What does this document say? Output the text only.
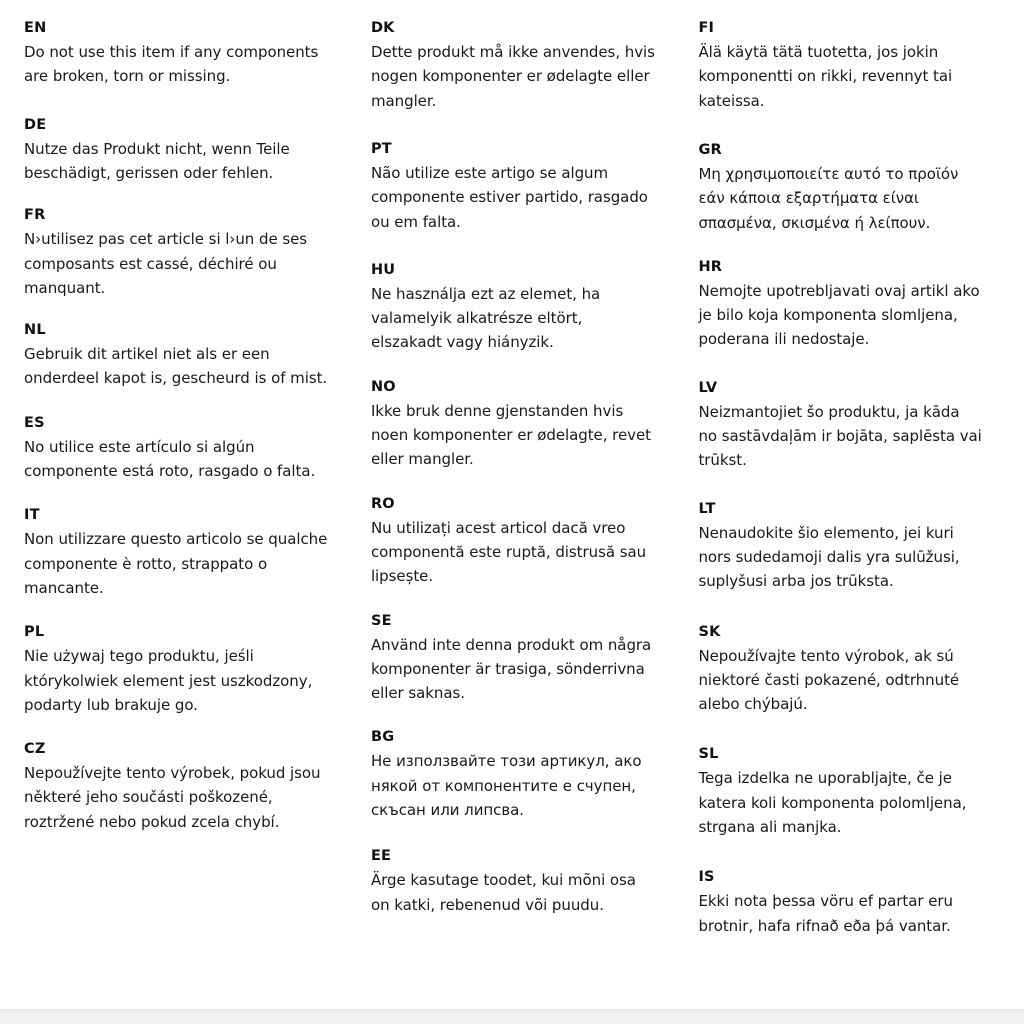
EN
Do not use this item if any components are broken, torn or missing.
DE
Nutze das Produkt nicht, wenn Teile beschädigt, gerissen oder fehlen.
FR
N›utilisez pas cet article si l›un de ses composants est cassé, déchiré ou manquant.
NL
Gebruik dit artikel niet als er een onderdeel kapot is, gescheurd is of mist.
ES
No utilice este artículo si algún componente está roto, rasgado o falta.
IT
Non utilizzare questo articolo se qualche componente è rotto, strappato o mancante.
PL
Nie używaj tego produktu, jeśli którykolwiek element jest uszkodzony, podarty lub brakuje go.
CZ
Nepoužívejte tento výrobek, pokud jsou některé jeho součásti poškozené, roztržené nebo pokud zcela chybí.
DK
Dette produkt må ikke anvendes, hvis nogen komponenter er ødelagte eller mangler.
PT
Não utilize este artigo se algum componente estiver partido, rasgado ou em falta.
HU
Ne használja ezt az elemet, ha valamelyik alkatrésze eltört, elszakadt vagy hiányzik.
NO
Ikke bruk denne gjenstanden hvis noen komponenter er ødelagte, revet eller mangler.
RO
Nu utilizați acest articol dacă vreo componentă este ruptă, distrusă sau lipsește.
SE
Använd inte denna produkt om några komponenter är trasiga, sönderrivna eller saknas.
BG
Не използвайте този артикул, ако някой от компонентите е счупен, скъсан или липсва.
EE
Ärge kasutage toodet, kui mõni osa on katki, rebenenud või puudu.
FI
Älä käytä tätä tuotetta, jos jokin komponentti on rikki, revennyt tai kateissa.
GR
Μη χρησιμοποιείτε αυτό το προϊόν εάν κάποια εξαρτήματα είναι σπασμένα, σκισμένα ή λείπουν.
HR
Nemojte upotrebljavati ovaj artikl ako je bilo koja komponenta slomljena, poderana ili nedostaje.
LV
Neizmantojiet šo produktu, ja kāda no sastāvdaļām ir bojāta, saplēsta vai trūkst.
LT
Nenaudokite šio elemento, jei kuri nors sudedamoji dalis yra sulūžusi, suplyšusi arba jos trūksta.
SK
Nepoužívajte tento výrobok, ak sú niektoré časti pokazené, odtrhnuté alebo chýbajú.
SL
Tega izdelka ne uporabljajte, če je katera koli komponenta polomljena, strgana ali manjka.
IS
Ekki nota þessa vöru ef partar eru brotnir, hafa rifnað eða þá vantar.
